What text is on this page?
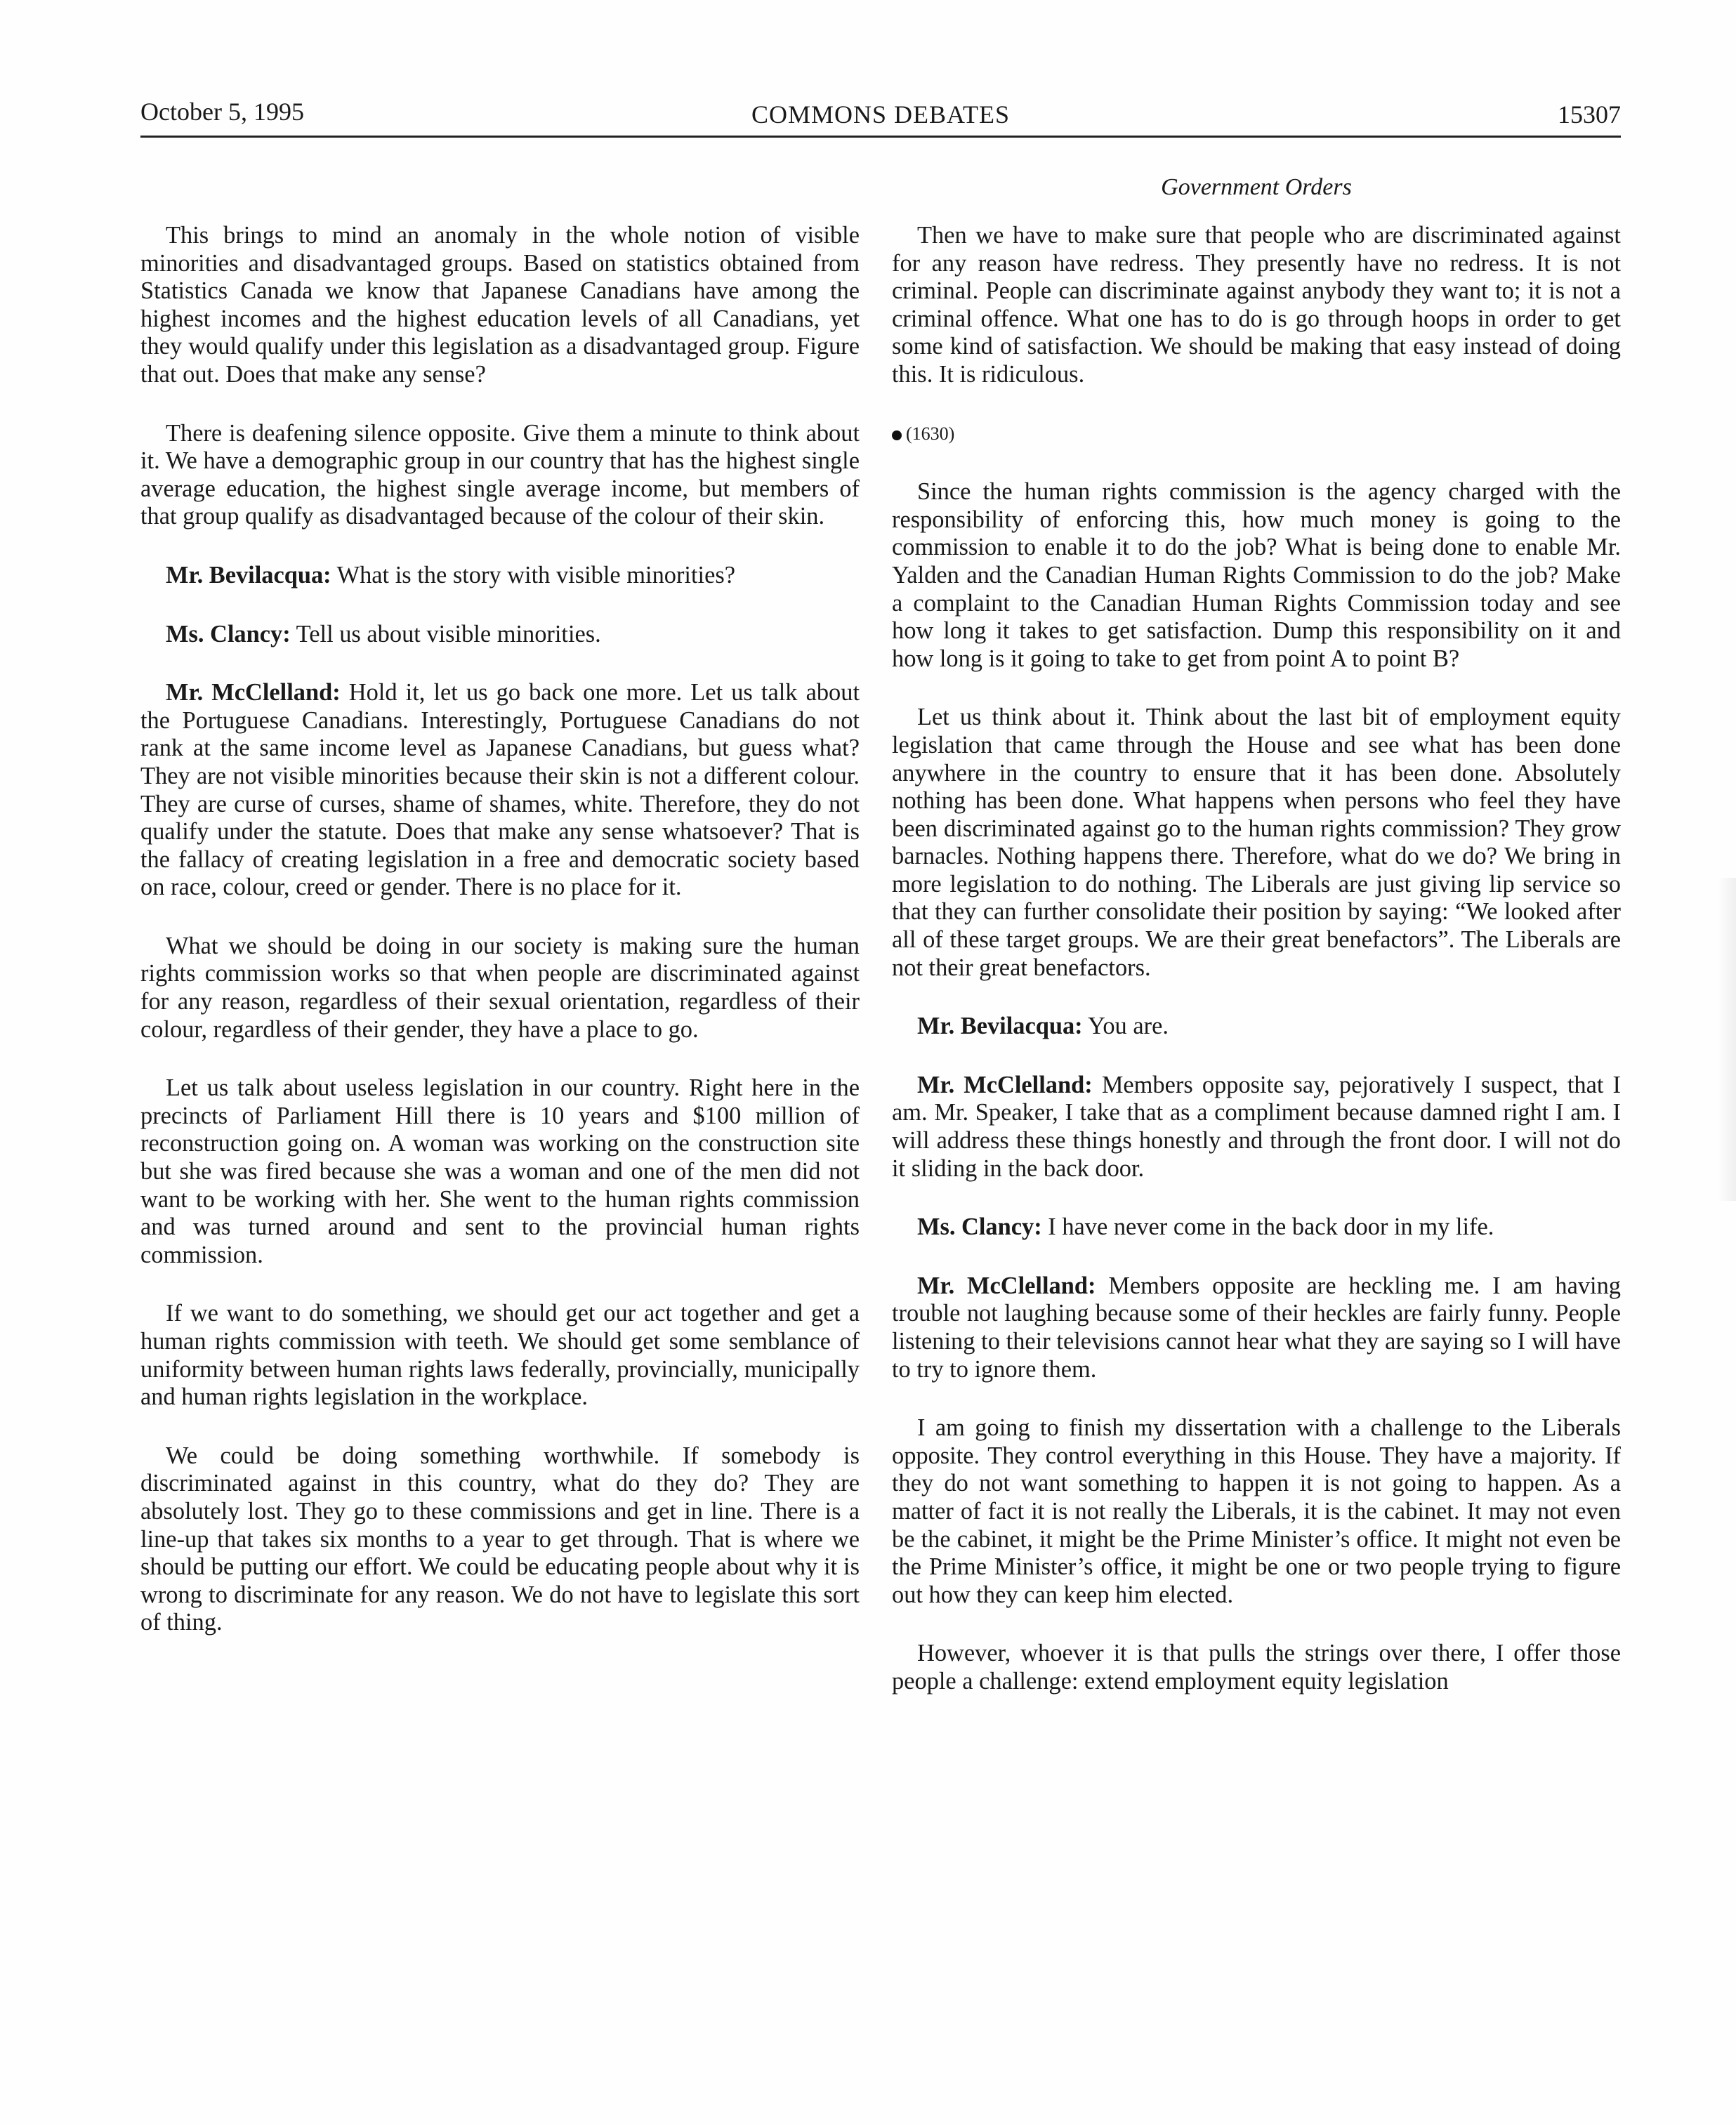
October 5, 1995	COMMONS DEBATES	15307
Government Orders

This brings to mind an anomaly in the whole notion of visible minorities and disadvantaged groups. Based on statistics obtained from Statistics Canada we know that Japanese Canadians have among the highest incomes and the highest education levels of all Canadians, yet they would qualify under this legislation as a disadvantaged group. Figure that out. Does that make any sense?

There is deafening silence opposite. Give them a minute to think about it. We have a demographic group in our country that has the highest single average education, the highest single average income, but members of that group qualify as disadvantaged because of the colour of their skin.

Mr. Bevilacqua: What is the story with visible minorities?

Ms. Clancy: Tell us about visible minorities.

Mr. McClelland: Hold it, let us go back one more. Let us talk about the Portuguese Canadians. Interestingly, Portuguese Canadians do not rank at the same income level as Japanese Canadians, but guess what? They are not visible minorities because their skin is not a different colour. They are curse of curses, shame of shames, white. Therefore, they do not qualify under the statute. Does that make any sense whatsoever? That is the fallacy of creating legislation in a free and democratic society based on race, colour, creed or gender. There is no place for it.

What we should be doing in our society is making sure the human rights commission works so that when people are discriminated against for any reason, regardless of their sexual orientation, regardless of their colour, regardless of their gender, they have a place to go.

Let us talk about useless legislation in our country. Right here in the precincts of Parliament Hill there is 10 years and $100 million of reconstruction going on. A woman was working on the construction site but she was fired because she was a woman and one of the men did not want to be working with her. She went to the human rights commission and was turned around and sent to the provincial human rights commission.

If we want to do something, we should get our act together and get a human rights commission with teeth. We should get some semblance of uniformity between human rights laws federally, provincially, municipally and human rights legislation in the workplace.

We could be doing something worthwhile. If somebody is discriminated against in this country, what do they do? They are absolutely lost. They go to these commissions and get in line. There is a line-up that takes six months to a year to get through. That is where we should be putting our effort. We could be educating people about why it is wrong to discriminate for any reason. We do not have to legislate this sort of thing.

Then we have to make sure that people who are discriminated against for any reason have redress. They presently have no redress. It is not criminal. People can discriminate against anybody they want to; it is not a criminal offence. What one has to do is go through hoops in order to get some kind of satisfaction. We should be making that easy instead of doing this. It is ridiculous.

(1630)

Since the human rights commission is the agency charged with the responsibility of enforcing this, how much money is going to the commission to enable it to do the job? What is being done to enable Mr. Yalden and the Canadian Human Rights Commission to do the job? Make a complaint to the Canadian Human Rights Commission today and see how long it takes to get satisfaction. Dump this responsibility on it and how long is it going to take to get from point A to point B?

Let us think about it. Think about the last bit of employment equity legislation that came through the House and see what has been done anywhere in the country to ensure that it has been done. Absolutely nothing has been done. What happens when persons who feel they have been discriminated against go to the human rights commission? They grow barnacles. Nothing happens there. Therefore, what do we do? We bring in more legislation to do nothing. The Liberals are just giving lip service so that they can further consolidate their position by saying: “We looked after all of these target groups. We are their great benefactors”. The Liberals are not their great benefactors.

Mr. Bevilacqua: You are.

Mr. McClelland: Members opposite say, pejoratively I suspect, that I am. Mr. Speaker, I take that as a compliment because damned right I am. I will address these things honestly and through the front door. I will not do it sliding in the back door.

Ms. Clancy: I have never come in the back door in my life.

Mr. McClelland: Members opposite are heckling me. I am having trouble not laughing because some of their heckles are fairly funny. People listening to their televisions cannot hear what they are saying so I will have to try to ignore them.

I am going to finish my dissertation with a challenge to the Liberals opposite. They control everything in this House. They have a majority. If they do not want something to happen it is not going to happen. As a matter of fact it is not really the Liberals, it is the cabinet. It may not even be the cabinet, it might be the Prime Minister’s office. It might not even be the Prime Minister’s office, it might be one or two people trying to figure out how they can keep him elected.

However, whoever it is that pulls the strings over there, I offer those people a challenge: extend employment equity legislation
